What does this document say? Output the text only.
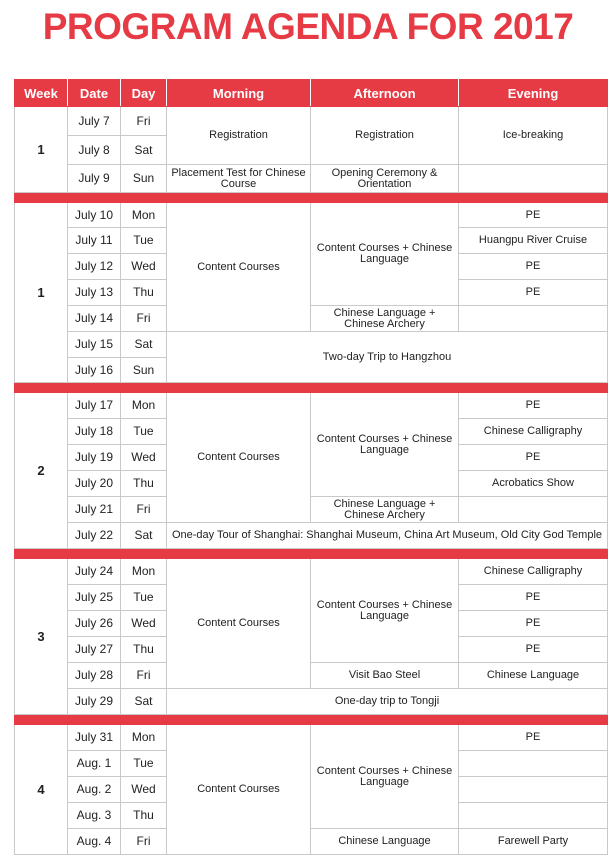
PROGRAM AGENDA FOR 2017
Week	Date	Day	Morning	Afternoon	Evening
1	July 7	Fri	Registration	Registration	Ice-breaking
	July 8	Sat			
	July 9	Sun	Placement Test for Chinese Course	Opening Ceremony & Orientation	

1	July 10	Mon	Content Courses	Content Courses + Chinese Language	PE
	July 11	Tue			Huangpu River Cruise
	July 12	Wed			PE
	July 13	Thu			PE
	July 14	Fri		Chinese Language + Chinese Archery	
	July 15	Sat	Two-day Trip to Hangzhou		
	July 16	Sun			

2	July 17	Mon	Content Courses	Content Courses + Chinese Language	PE
	July 18	Tue			Chinese Calligraphy
	July 19	Wed			PE
	July 20	Thu			Acrobatics Show
	July 21	Fri		Chinese Language + Chinese Archery	
	July 22	Sat	One-day Tour of Shanghai: Shanghai Museum, China Art Museum, Old City God Temple		

3	July 24	Mon	Content Courses	Content Courses + Chinese Language	Chinese Calligraphy
	July 25	Tue			PE
	July 26	Wed			PE
	July 27	Thu			PE
	July 28	Fri		Visit Bao Steel	Chinese Language
	July 29	Sat	One-day trip to Tongji		

4	July 31	Mon	Content Courses	Content Courses + Chinese Language	PE
	Aug. 1	Tue			
	Aug. 2	Wed			
	Aug. 3	Thu			
	Aug. 4	Fri		Chinese Language	Farewell Party
